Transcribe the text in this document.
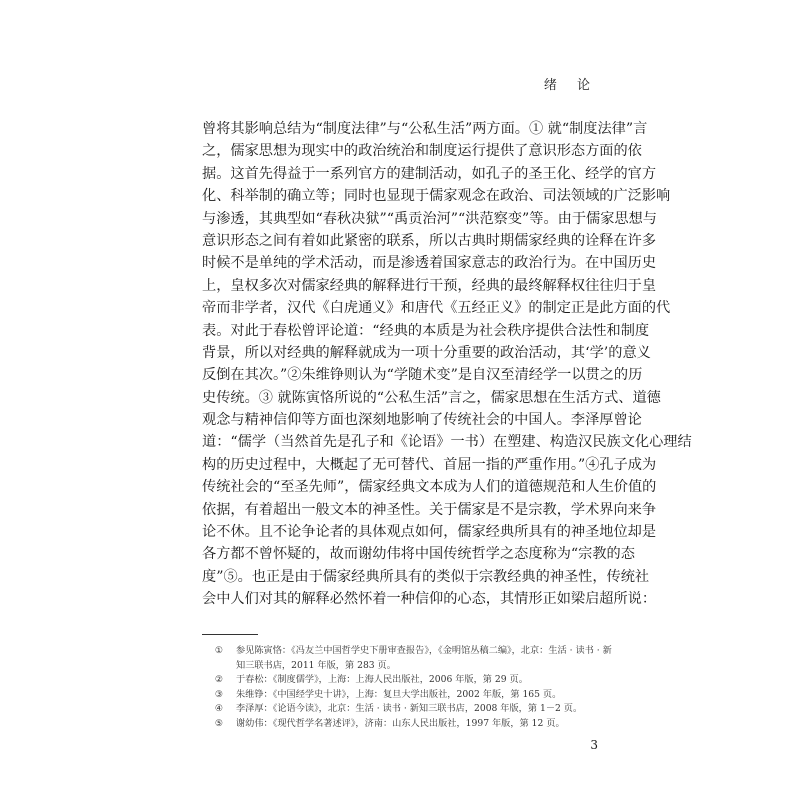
绪 论
曾将其影响总结为“制度法律”与“公私生活”两方面。① 就“制度法律”言
之，儒家思想为现实中的政治统治和制度运行提供了意识形态方面的依
据。这首先得益于一系列官方的建制活动，如孔子的圣王化、经学的官方
化、科举制的确立等；同时也显现于儒家观念在政治、司法领域的广泛影响
与渗透，其典型如“春秋决狱”“禹贡治河”“洪范察变”等。由于儒家思想与
意识形态之间有着如此紧密的联系，所以古典时期儒家经典的诠释在许多
时候不是单纯的学术活动，而是渗透着国家意志的政治行为。在中国历史
上，皇权多次对儒家经典的解释进行干预，经典的最终解释权往往归于皇
帝而非学者，汉代《白虎通义》和唐代《五经正义》的制定正是此方面的代
表。对此于春松曾评论道：“经典的本质是为社会秩序提供合法性和制度
背景，所以对经典的解释就成为一项十分重要的政治活动，其‘学’的意义
反倒在其次。”②朱维铮则认为“学随术变”是自汉至清经学一以贯之的历
史传统。③ 就陈寅恪所说的“公私生活”言之，儒家思想在生活方式、道德
观念与精神信仰等方面也深刻地影响了传统社会的中国人。李泽厚曾论
道：“儒学（当然首先是孔子和《论语》一书）在塑建、构造汉民族文化心理结
构的历史过程中，大概起了无可替代、首屈一指的严重作用。”④孔子成为
传统社会的“至圣先师”，儒家经典文本成为人们的道德规范和人生价值的
依据，有着超出一般文本的神圣性。关于儒家是不是宗教，学术界向来争
论不休。且不论争论者的具体观点如何，儒家经典所具有的神圣地位却是
各方都不曾怀疑的，故而谢幼伟将中国传统哲学之态度称为“宗教的态
度”⑤。也正是由于儒家经典所具有的类似于宗教经典的神圣性，传统社
会中人们对其的解释必然怀着一种信仰的心态，其情形正如梁启超所说：
①	参见陈寅恪：《冯友兰中国哲学史下册审查报告》，《金明馆丛稿二编》，北京：生活 · 读书 · 新
知三联书店，2011 年版，第 283 页。
②	于春松：《制度儒学》，上海：上海人民出版社，2006 年版，第 29 页。
③	朱维铮：《中国经学史十讲》，上海：复旦大学出版社，2002 年版，第 165 页。
④	李泽厚：《论语今读》，北京：生活 · 读书 · 新知三联书店，2008 年版，第 1－2 页。
⑤	谢幼伟：《现代哲学名著述评》，济南：山东人民出版社，1997 年版，第 12 页。
3
